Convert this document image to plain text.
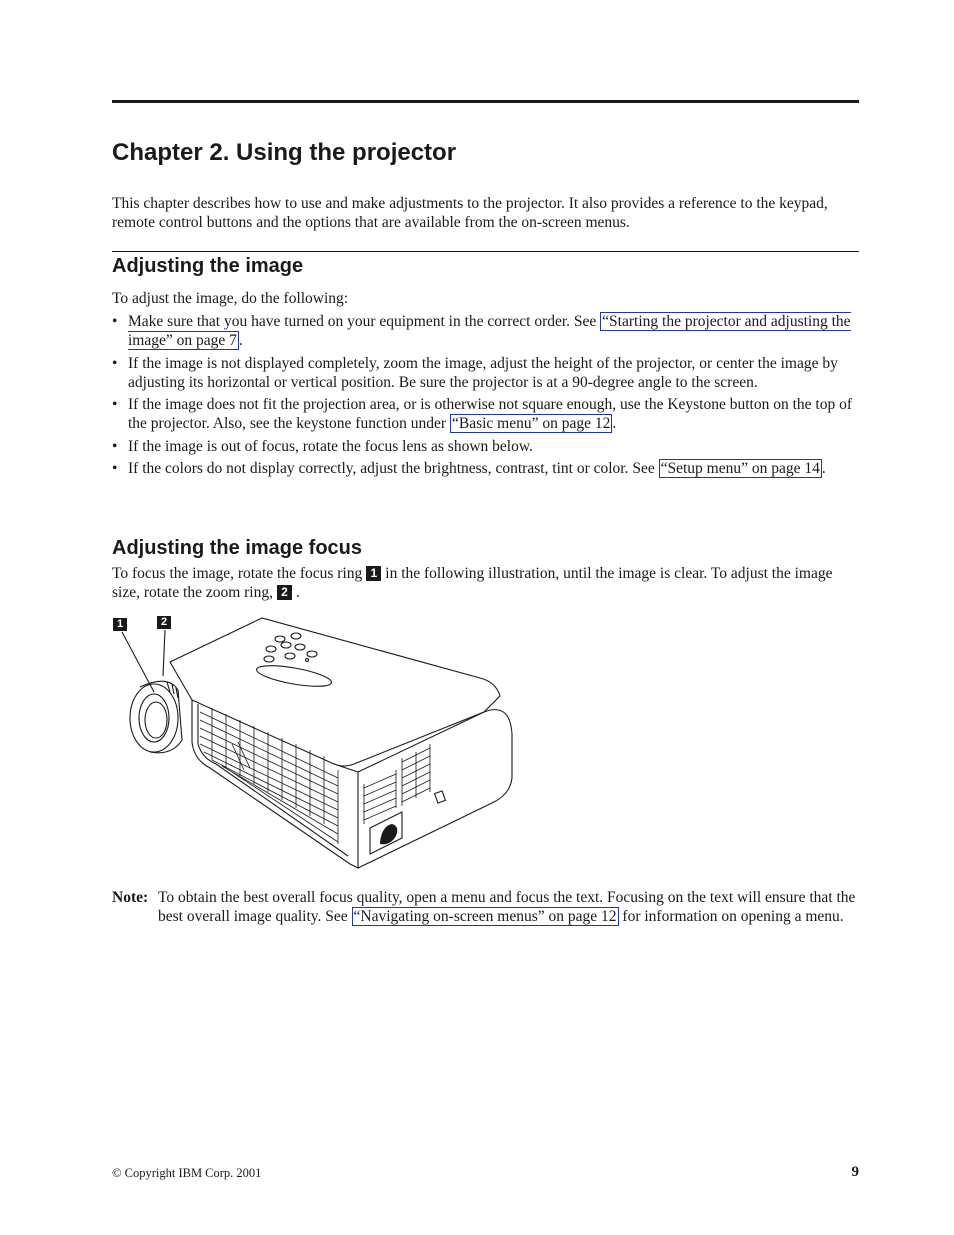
Chapter 2. Using the projector

This chapter describes how to use and make adjustments to the projector. It also provides a reference to the keypad, remote control buttons and the options that are available from the on-screen menus.

Adjusting the image

To adjust the image, do the following:

• Make sure that you have turned on your equipment in the correct order. See “Starting the projector and adjusting the image” on page 7 .
• If the image is not displayed completely, zoom the image, adjust the height of the projector, or center the image by adjusting its horizontal or vertical position. Be sure the projector is at a 90-degree angle to the screen.
• If the image does not fit the projection area, or is otherwise not square enough, use the Keystone button on the top of the projector. Also, see the keystone function under “Basic menu” on page 12 .
• If the image is out of focus, rotate the focus lens as shown below.
• If the colors do not display correctly, adjust the brightness, contrast, tint or color. See “Setup menu” on page 14 .
Adjusting the image focus

To focus the image, rotate the focus ring 1 in the following illustration, until the image is clear. To adjust the image size, rotate the zoom ring, 2 .

1	2
Note: To obtain the best overall focus quality, open a menu and focus the text. Focusing on the text will ensure that the best overall image quality. See “Navigating on-screen menus” on page 12 for information on opening a menu.
© Copyright IBM Corp. 2001	9
